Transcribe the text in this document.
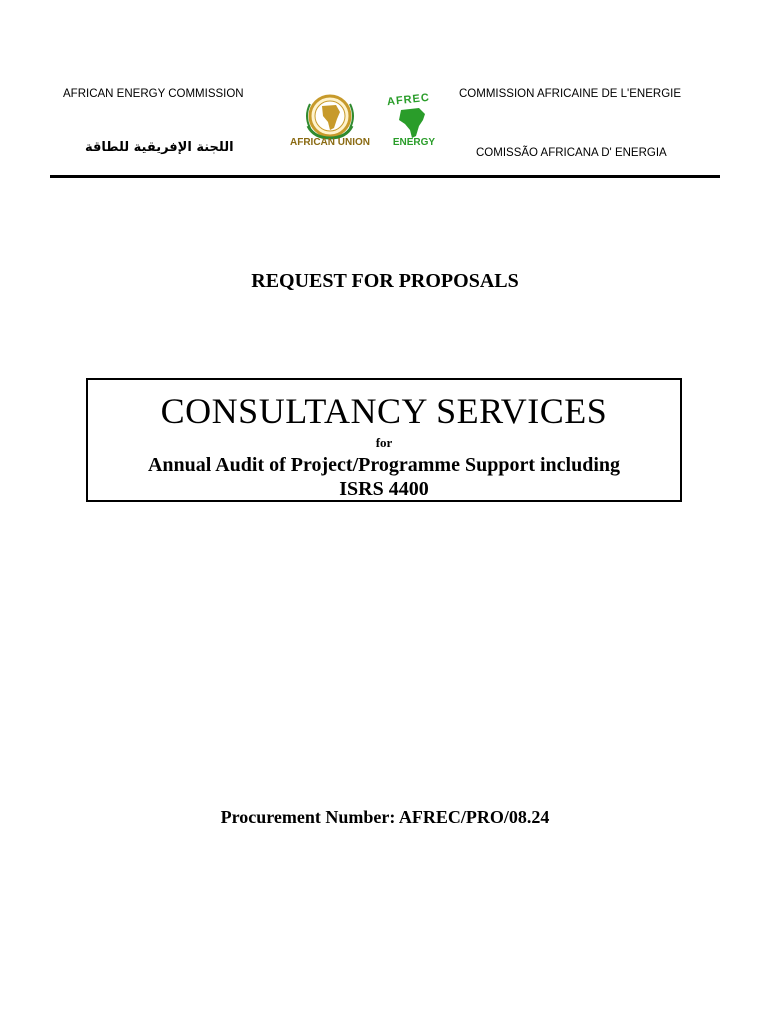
AFRICAN ENERGY COMMISSION
اللجنة الإفريقية للطاقة	AFRICAN UNION
AFREC
ENERGY
COMMISSION AFRICAINE DE L'ENERGIE
COMISSÃO AFRICANA D' ENERGIA
REQUEST FOR PROPOSALS
CONSULTANCY SERVICES
for
Annual Audit of Project/Programme Support including
ISRS 4400
Procurement Number: AFREC/PRO/08.24
